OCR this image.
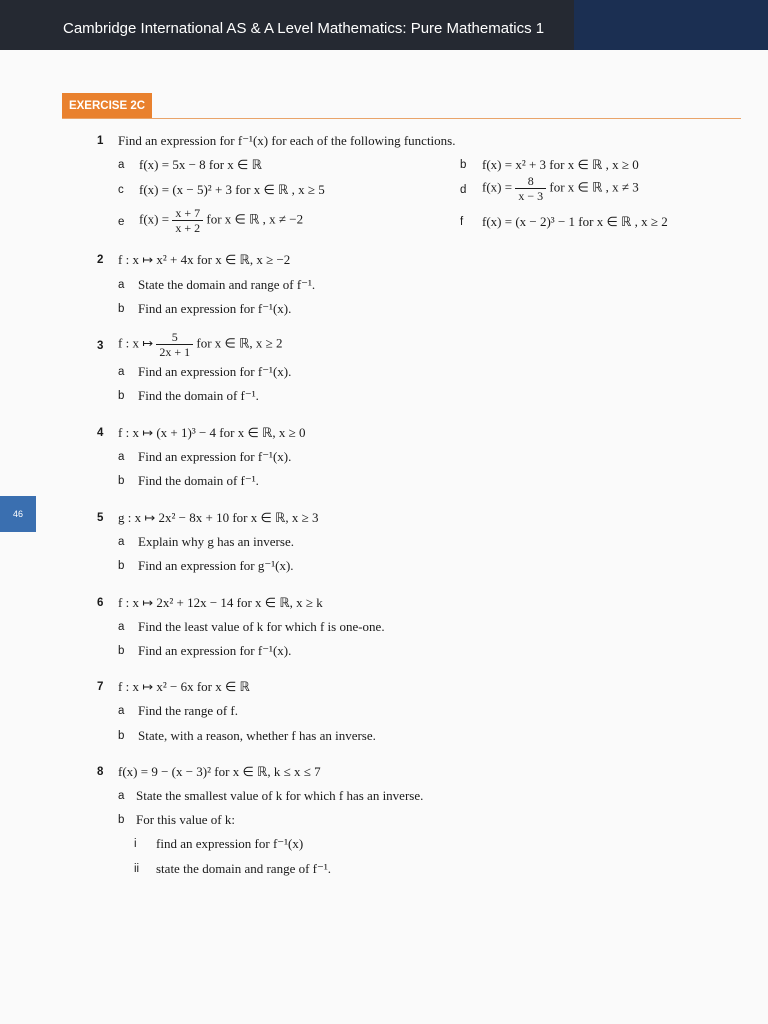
Cambridge International AS & A Level Mathematics: Pure Mathematics 1
EXERCISE 2C
46
1 Find an expression for f⁻¹(x) for each of the following functions.
a f(x) = 5x − 8 for x ∈ ℝ	b f(x) = x² + 3 for x ∈ ℝ , x ≥ 0
c f(x) = (x − 5)² + 3 for x ∈ ℝ , x ≥ 5	d $f(x) = \frac{8}{x - 3}$ for x ∈ ℝ , x ≠ 3
e $f(x) = \frac{x + 7}{x + 2}$ for x ∈ ℝ , x ≠ −2	f f(x) = (x − 2)³ − 1 for x ∈ ℝ , x ≥ 2
2 f : x ↦ x² + 4x for x ∈ ℝ, x ≥ −2
a State the domain and range of f⁻¹.
b Find an expression for f⁻¹(x).
3 f : x ↦ $\frac{5}{2x + 1}$ for x ∈ ℝ, x ≥ 2
a Find an expression for f⁻¹(x).
b Find the domain of f⁻¹.
4 f : x ↦ (x + 1)³ − 4 for x ∈ ℝ, x ≥ 0
a Find an expression for f⁻¹(x).
b Find the domain of f⁻¹.
5 g : x ↦ 2x² − 8x + 10 for x ∈ ℝ, x ≥ 3
a Explain why g has an inverse.
b Find an expression for g⁻¹(x).
6 f : x ↦ 2x² + 12x − 14 for x ∈ ℝ, x ≥ k
a Find the least value of k for which f is one-one.
b Find an expression for f⁻¹(x).
7 f : x ↦ x² − 6x for x ∈ ℝ
a Find the range of f.
b State, with a reason, whether f has an inverse.
8 f(x) = 9 − (x − 3)² for x ∈ ℝ, k ≤ x ≤ 7
a State the smallest value of k for which f has an inverse.
b For this value of k:
i find an expression for f⁻¹(x)
ii state the domain and range of f⁻¹.
